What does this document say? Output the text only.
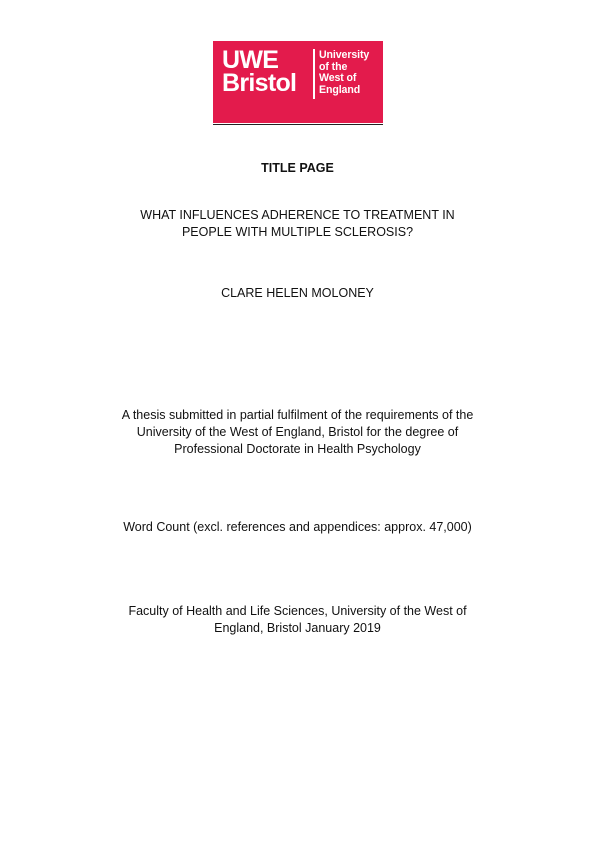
UWE
Bristol
University
of the
West of
England
TITLE PAGE
WHAT INFLUENCES ADHERENCE TO TREATMENT IN
PEOPLE WITH MULTIPLE SCLEROSIS?
CLARE HELEN MOLONEY
A thesis submitted in partial fulfilment of the requirements of the
University of the West of England, Bristol for the degree of
Professional Doctorate in Health Psychology
Word Count (excl. references and appendices: approx. 47,000)
Faculty of Health and Life Sciences, University of the West of
England, Bristol January 2019
